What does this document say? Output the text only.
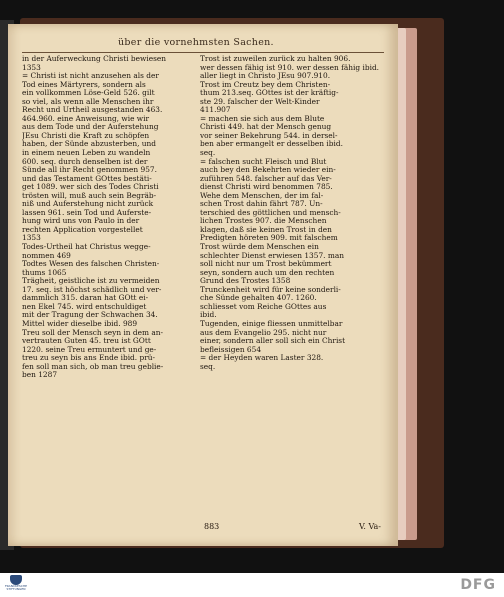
über die vornehmsten Sachen.
in der Auferweckung Christi bewiesen
1353
= Christi ist nicht anzusehen als der
Tod eines Märtyrers, sondern als
ein vollkommen Löse-Geld 526. gilt
so viel, als wenn alle Menschen ihr
Recht und Urtheil ausgestanden 463.
464.960. eine Anweisung, wie wir
aus dem Tode und der Auferstehung
JEsu Christi die Kraft zu schöpfen
haben, der Sünde abzusterben, und
in einem neuen Leben zu wandeln
600. seq. durch denselben ist der
Sünde all ihr Recht genommen 957.
und das Testament GOttes bestäti-
get 1089. wer sich des Todes Christi
trösten will, muß auch sein Begräb-
niß und Auferstehung nicht zurück
lassen 961. sein Tod und Auferste-
hung wird uns von Paulo in der
rechten Application vorgestellet
1353
Todes-Urtheil hat Christus wegge-
nommen 469
Todtes Wesen des falschen Christen-
thums 1065
Trägheit, geistliche ist zu vermeiden
17. seq. ist höchst schädlich und ver-
dammlich 315. daran hat GOtt ei-
nen Ekel 745. wird entschuldiget
mit der Tragung der Schwachen 34.
Mittel wider dieselbe ibid. 989
Treu soll der Mensch seyn in dem an-
vertrauten Guten 45. treu ist GOtt
1220. seine Treu ermuntert und ge-
treu zu seyn bis ans Ende ibid. prü-
fen soll man sich, ob man treu geblie-
ben 1287
Trost ist zuweilen zurück zu halten 906.
wer dessen fähig ist 910. wer dessen fähig ibid.
aller liegt in Christo JEsu 907.910.
Trost im Creutz bey dem Christen-
thum 213.seq. GOttes ist der kräftig-
ste 29. falscher der Welt-Kinder
411.907
= machen sie sich aus dem Blute
Christi 449. hat der Mensch genug
vor seiner Bekehrung 544. in dersel-
ben aber ermangelt er desselben ibid.
seq.
= falschen sucht Fleisch und Blut
auch bey den Bekehrten wieder ein-
zuführen 548. falscher auf das Ver-
dienst Christi wird benommen 785.
Wehe dem Menschen, der im fal-
schen Trost dahin fährt 787. Un-
terschied des göttlichen und mensch-
lichen Trostes 907. die Menschen
klagen, daß sie keinen Trost in den
Predigten höreten 909. mit falschem
Trost würde dem Menschen ein
schlechter Dienst erwiesen 1357. man
soll nicht nur um Trost bekümmert
seyn, sondern auch um den rechten
Grund des Trostes 1358
Trunckenheit wird für keine sonderli-
che Sünde gehalten 407. 1260.
schliesset vom Reiche GOttes aus
ibid.
Tugenden, einige fliessen unmittelbar
aus dem Evangelio 295. nicht nur
einer, sondern aller soll sich ein Christ
befleissigen 654
= der Heyden waren Laster 328.
seq.
883	V. Va-
FRANCKESCHE STIFTUNGEN	DFG
